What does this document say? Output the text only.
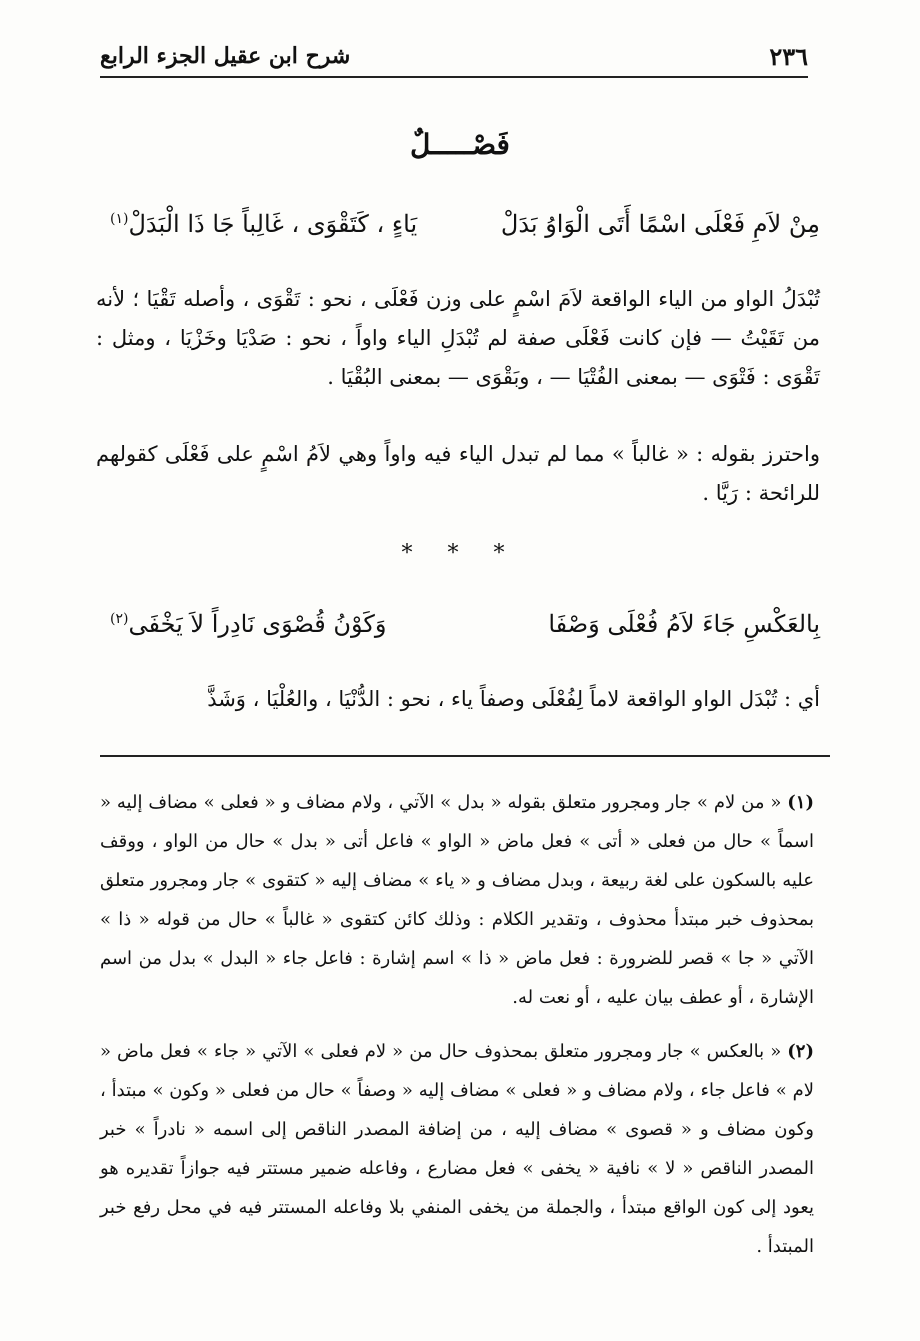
٢٣٦
شرح ابن عقيل الجزء الرابع
فَصْـــــلٌ
مِنْ لاَمِ فَعْلَى اسْمًا أَتَى الْوَاوُ بَدَلْ
يَاءٍ ، كَتَقْوَى ، غَالِباً جَا ذَا الْبَدَلْ$^{(١)}$
تُبْدَلُ الواو من الياء الواقعة لاَمَ اسْمٍ على وزن فَعْلَى ، نحو : تَقْوَى ، وأصله تَقْيَا ؛ لأنه من تَقَيْتُ — فإن كانت فَعْلَى صفة لم تُبْدَلِ الياء واواً ، نحو : صَدْيَا وخَزْيَا ، ومثل : تَقْوَى : فَتْوَى — بمعنى الفُتْيَا — ، وبَقْوَى — بمعنى البُقْيَا .
واحترز بقوله : « غالباً » مما لم تبدل الياء فيه واواً وهي لاَمُ اسْمٍ على فَعْلَى كقولهم للرائحة : رَيَّا .
* * *
بِالعَكْسِ جَاءَ لاَمُ فُعْلَى وَصْفَا
وَكَوْنُ قُصْوَى نَادِراً لاَ يَخْفَى$^{(٢)}$
أي : تُبْدَل الواو الواقعة لاماً لِفُعْلَى وصفاً ياء ، نحو : الدُّنْيَا ، والعُلْيَا ، وَشَذَّ
(١) « من لام » جار ومجرور متعلق بقوله « بدل » الآتي ، ولام مضاف و « فعلى » مضاف إليه « اسماً » حال من فعلى « أتى » فعل ماض « الواو » فاعل أتى « بدل » حال من الواو ، ووقف عليه بالسكون على لغة ربيعة ، وبدل مضاف و « ياء » مضاف إليه « كتقوى » جار ومجرور متعلق بمحذوف خبر مبتدأ محذوف ، وتقدير الكلام : وذلك كائن كتقوى « غالباً » حال من قوله « ذا » الآتي « جا » قصر للضرورة : فعل ماض « ذا » اسم إشارة : فاعل جاء « البدل » بدل من اسم الإشارة ، أو عطف بيان عليه ، أو نعت له.
(٢) « بالعكس » جار ومجرور متعلق بمحذوف حال من « لام فعلى » الآتي « جاء » فعل ماض « لام » فاعل جاء ، ولام مضاف و « فعلى » مضاف إليه « وصفاً » حال من فعلى « وكون » مبتدأ ، وكون مضاف و « قصوى » مضاف إليه ، من إضافة المصدر الناقص إلى اسمه « نادراً » خبر المصدر الناقص « لا » نافية « يخفى » فعل مضارع ، وفاعله ضمير مستتر فيه جوازاً تقديره هو يعود إلى كون الواقع مبتدأ ، والجملة من يخفى المنفي بلا وفاعله المستتر فيه في محل رفع خبر المبتدأ .
